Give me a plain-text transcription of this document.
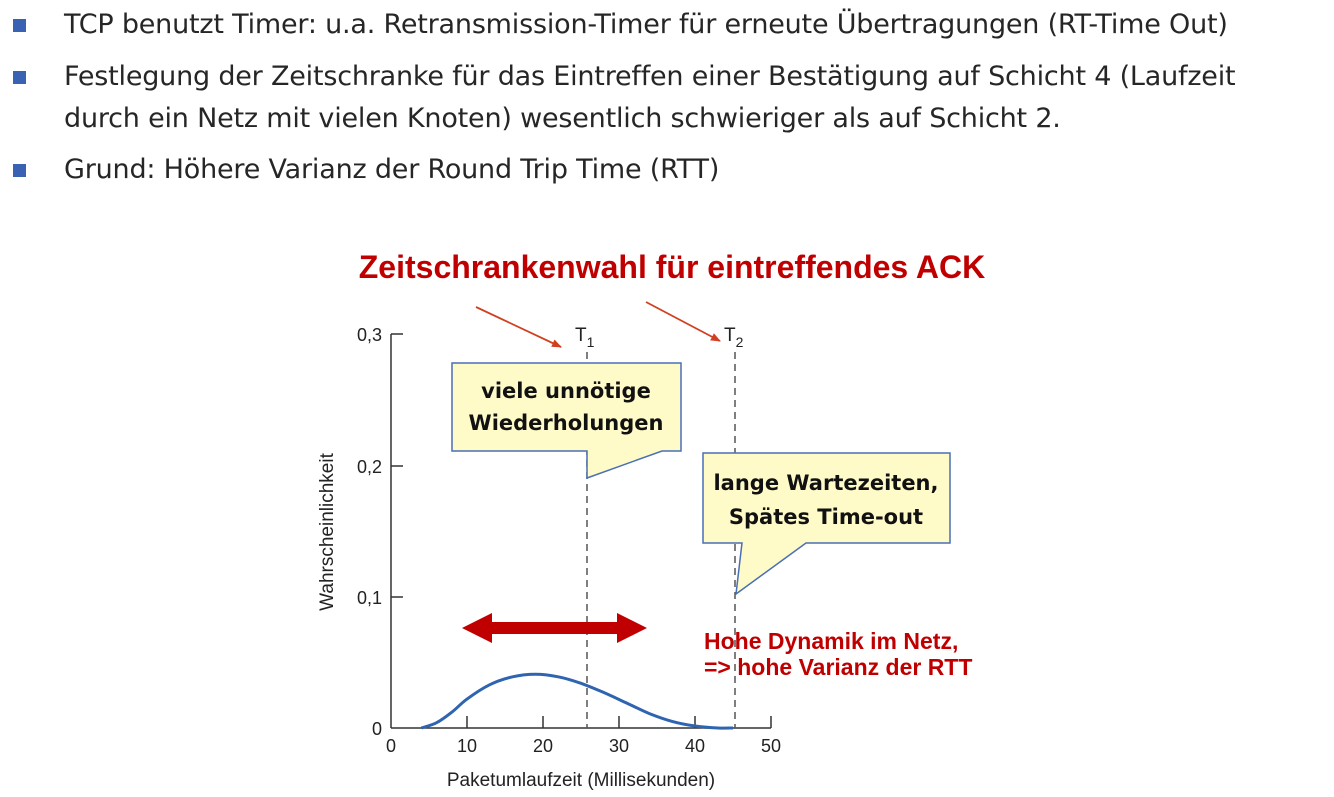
TCP benutzt Timer: u.a. Retransmission-Timer für erneute Übertragungen (RT-Time Out)
Festlegung der Zeitschranke für das Eintreffen einer Bestätigung auf Schicht 4 (Laufzeit
durch ein Netz mit vielen Knoten) wesentlich schwieriger als auf Schicht 2.
Grund: Höhere Varianz der Round Trip Time (RTT)
Zeitschrankenwahl für eintreffendes ACK
Wahrscheinlichkeit
Paketumlaufzeit (Millisekunden)
0,3
0,2
0,1
0
0	10	20	30	40	50
$T_1$	$T_2$
viele unnötige
Wiederholungen
lange Wartezeiten,
Spätes Time-out
Hohe Dynamik im Netz,
=> hohe Varianz der RTT
